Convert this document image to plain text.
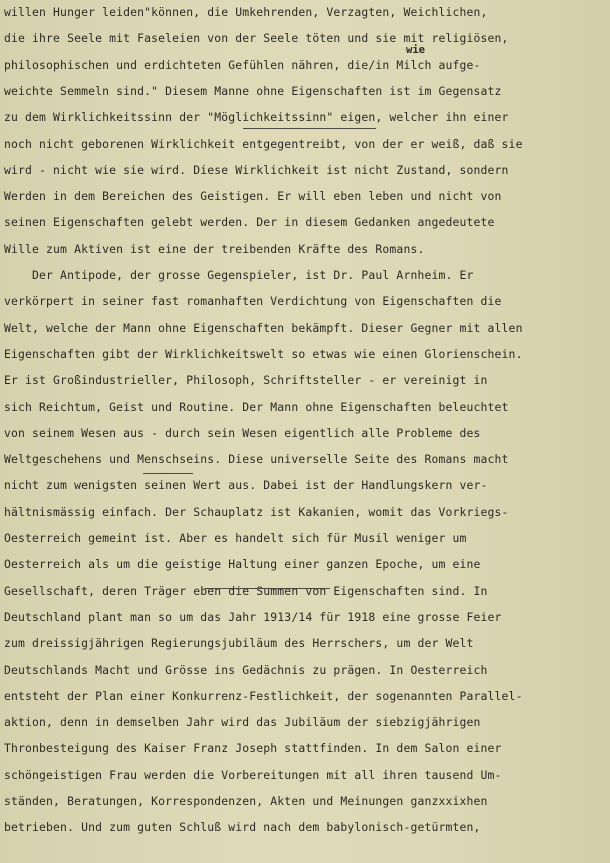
willen Hunger leiden"können, die Umkehrenden, Verzagten, Weichlichen,
die ihre Seele mit Faseleien von der Seele töten und sie mit religiösen,
philosophischen und erdichteten Gefühlen nähren, die/in Milch aufge-
weichte Semmeln sind." Diesem Manne ohne Eigenschaften ist im Gegensatz
zu dem Wirklichkeitssinn der "Möglichkeitssinn" eigen, welcher ihn einer
noch nicht geborenen Wirklichkeit entgegentreibt, von der er weiß, daß sie
wird - nicht wie sie wird. Diese Wirklichkeit ist nicht Zustand, sondern
Werden in dem Bereichen des Geistigen. Er will eben leben und nicht von
seinen Eigenschaften gelebt werden. Der in diesem Gedanken angedeutete
Wille zum Aktiven ist eine der treibenden Kräfte des Romans.
Der Antipode, der grosse Gegenspieler, ist Dr. Paul Arnheim. Er
verkörpert in seiner fast romanhaften Verdichtung von Eigenschaften die
Welt, welche der Mann ohne Eigenschaften bekämpft. Dieser Gegner mit allen
Eigenschaften gibt der Wirklichkeitswelt so etwas wie einen Glorienschein.
Er ist Großindustrieller, Philosoph, Schriftsteller - er vereinigt in
sich Reichtum, Geist und Routine. Der Mann ohne Eigenschaften beleuchtet
von seinem Wesen aus - durch sein Wesen eigentlich alle Probleme des
Weltgeschehens und Menschseins. Diese universelle Seite des Romans macht
nicht zum wenigsten seinen Wert aus. Dabei ist der Handlungskern ver-
hältnismässig einfach. Der Schauplatz ist Kakanien, womit das Vorkriegs-
Oesterreich gemeint ist. Aber es handelt sich für Musil weniger um
Oesterreich als um die geistige Haltung einer ganzen Epoche, um eine
Gesellschaft, deren Träger eben die Summen von Eigenschaften sind. In
Deutschland plant man so um das Jahr 1913/14 für 1918 eine grosse Feier
zum dreissigjährigen Regierungsjubiläum des Herrschers, um der Welt
Deutschlands Macht und Grösse ins Gedächnis zu prägen. In Oesterreich
entsteht der Plan einer Konkurrenz-Festlichkeit, der sogenannten Parallel-
aktion, denn in demselben Jahr wird das Jubiläum der siebzigjährigen
Thronbesteigung des Kaiser Franz Joseph stattfinden. In dem Salon einer
schöngeistigen Frau werden die Vorbereitungen mit all ihren tausend Um-
ständen, Beratungen, Korrespondenzen, Akten und Meinungen ganzxxixhen
betrieben. Und zum guten Schluß wird nach dem babylonisch-getürmten,
wie
